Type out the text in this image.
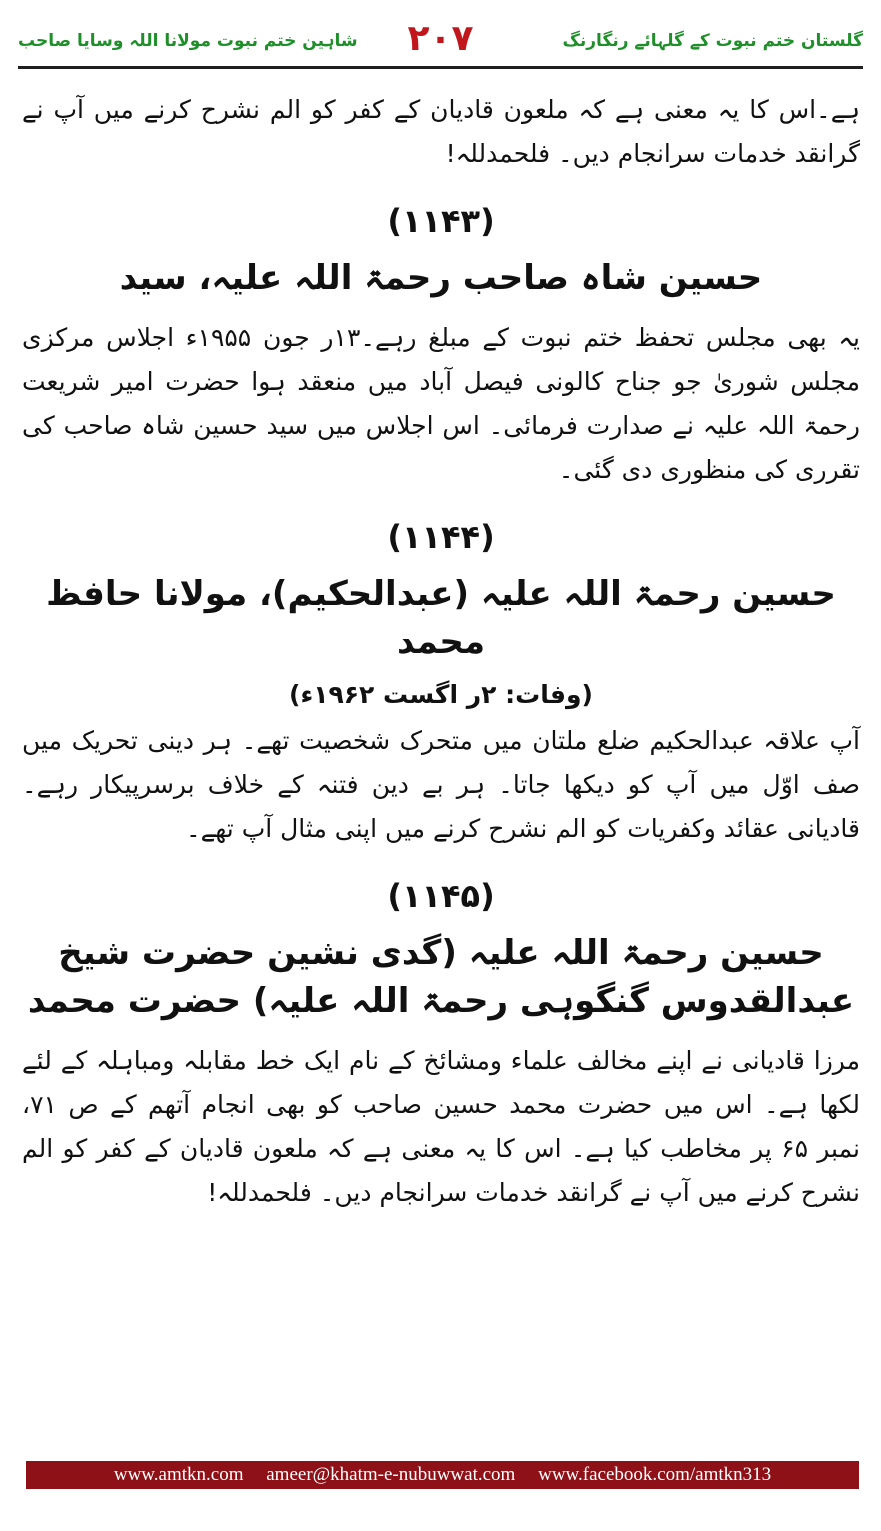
شاہین ختم نبوت مولانا اللہ وسایا صاحب ۲۰۷	گلستان ختم نبوت کے گلہائے رنگارنگ

ہے۔اس کا یہ معنی ہے کہ ملعون قادیان کے کفر کو الم نشرح کرنے میں آپ نے گرانقد خدمات سرانجام دیں۔ فلحمدللہ!

(۱۱۴۳)
حسین شاہ صاحب رحمۃ اللہ علیہ، سید

یہ بھی مجلس تحفظ ختم نبوت کے مبلغ رہے۔۱۳ر جون ۱۹۵۵ء اجلاس مرکزی مجلس شوریٰ جو جناح کالونی فیصل آباد میں منعقد ہوا حضرت امیر شریعت رحمۃ اللہ علیہ نے صدارت فرمائی۔ اس اجلاس میں سید حسین شاہ صاحب کی تقرری کی منظوری دی گئی۔

(۱۱۴۴)
حسین رحمۃ اللہ علیہ (عبدالحکیم)، مولانا حافظ محمد
(وفات: ۲ر اگست ۱۹۶۲ء)

آپ علاقہ عبدالحکیم ضلع ملتان میں متحرک شخصیت تھے۔ ہر دینی تحریک میں صف اوّل میں آپ کو دیکھا جاتا۔ ہر بے دین فتنہ کے خلاف برسرپیکار رہے۔ قادیانی عقائد وکفریات کو الم نشرح کرنے میں اپنی مثال آپ تھے۔

(۱۱۴۵)
حسین رحمۃ اللہ علیہ (گدی نشین حضرت شیخ عبدالقدوس گنگوہی رحمۃ اللہ علیہ) حضرت محمد

مرزا قادیانی نے اپنے مخالف علماء ومشائخ کے نام ایک خط مقابلہ ومباہلہ کے لئے لکھا ہے۔ اس میں حضرت محمد حسین صاحب کو بھی انجام آتھم کے ص ۷۱، نمبر ۶۵ پر مخاطب کیا ہے۔ اس کا یہ معنی ہے کہ ملعون قادیان کے کفر کو الم نشرح کرنے میں آپ نے گرانقد خدمات سرانجام دیں۔ فلحمدللہ!

www.amtkn.com ameer@khatm-e-nubuwwat.com www.facebook.com/amtkn313
